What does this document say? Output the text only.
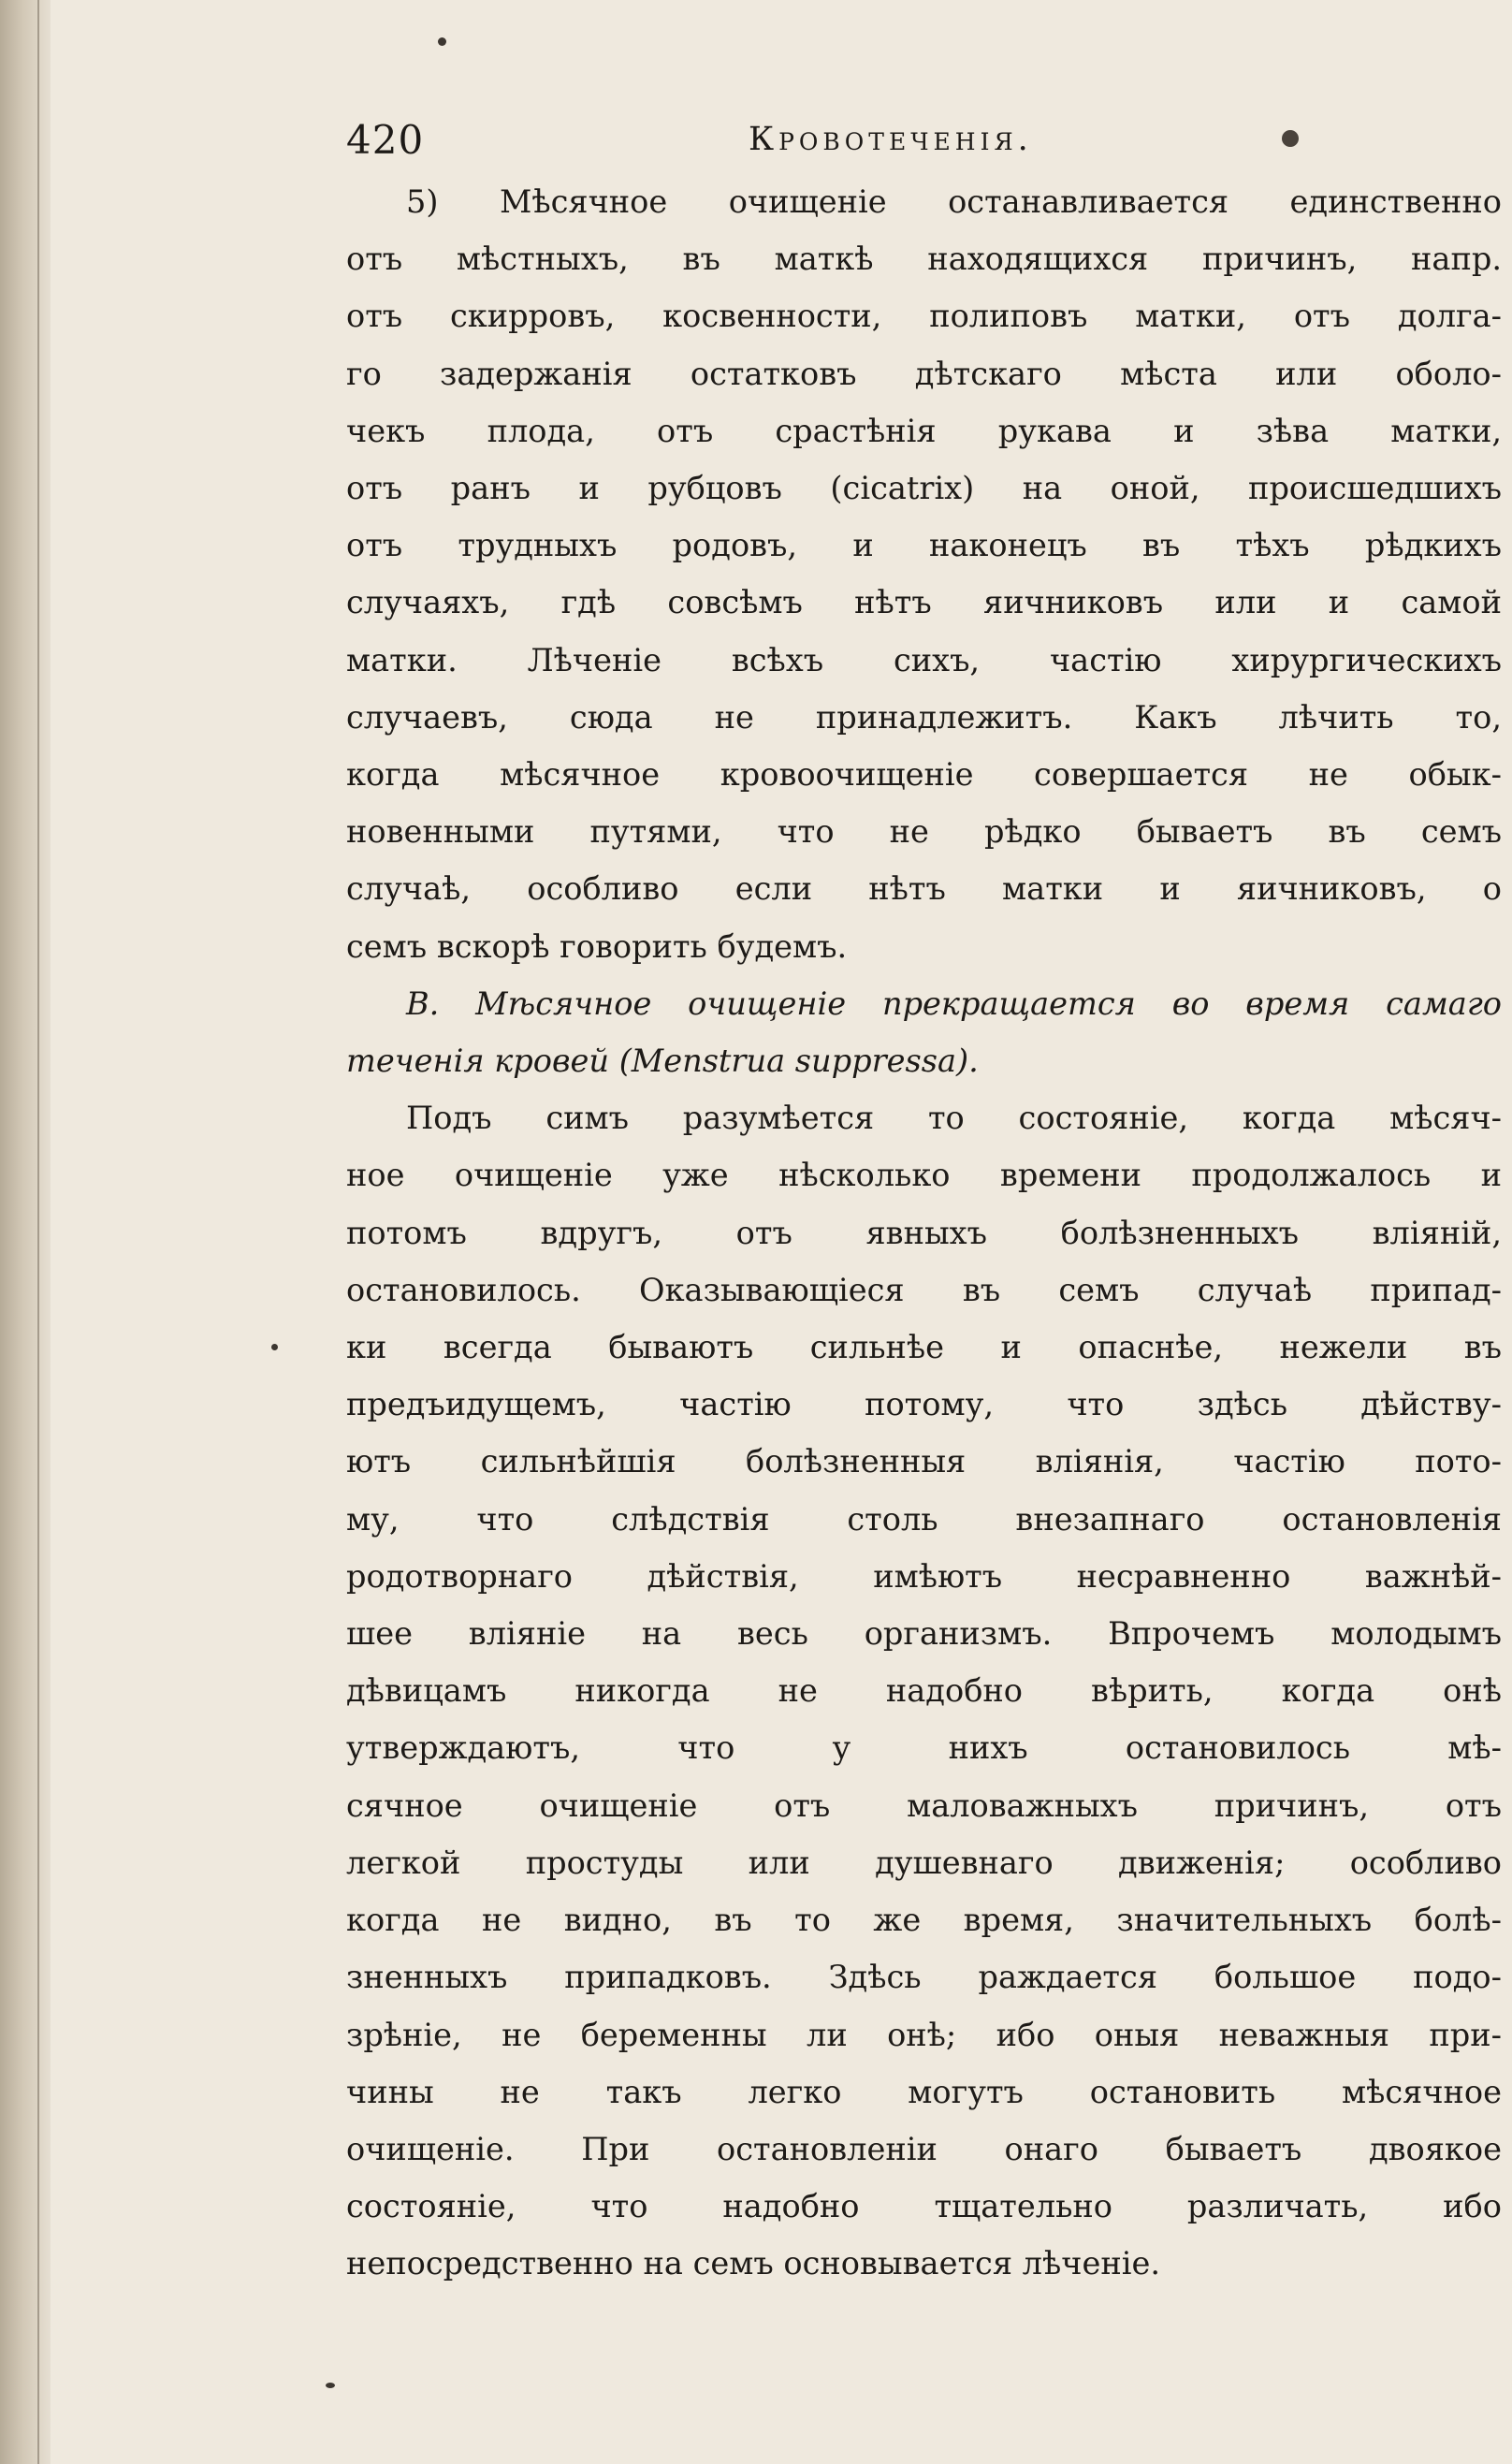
420	Кровотеченія.
5) Мѣсячное очищеніе останавливается единственно
отъ мѣстныхъ, въ маткѣ находящихся причинъ, напр.
отъ скирровъ, косвенности, полиповъ матки, отъ долга-
го задержанія остатковъ дѣтскаго мѣста или оболо-
чекъ плода, отъ срастѣнія рукава и зѣва матки,
отъ ранъ и рубцовъ (cicatrix) на оной, происшедшихъ
отъ трудныхъ родовъ, и наконецъ въ тѣхъ рѣдкихъ
случаяхъ, гдѣ совсѣмъ нѣтъ яичниковъ или и самой
матки. Лѣченіе всѣхъ сихъ, частію хирургическихъ
случаевъ, сюда не принадлежитъ. Какъ лѣчить то,
когда мѣсячное кровоочищеніе совершается не обык-
новенными путями, что не рѣдко бываетъ въ семъ
случаѣ, особливо если нѣтъ матки и яичниковъ, о
семъ вскорѣ говорить будемъ.
B. Мѣсячное очищеніе прекращается во время самаго
теченія кровей (Menstrua suppressa).
Подъ симъ разумѣется то состояніе, когда мѣсяч-
ное очищеніе уже нѣсколько времени продолжалось и
потомъ вдругъ, отъ явныхъ болѣзненныхъ вліяній,
остановилось. Оказывающіеся въ семъ случаѣ припад-
ки всегда бываютъ сильнѣе и опаснѣе, нежели въ
предъидущемъ, частію потому, что здѣсь дѣйству-
ютъ сильнѣйшія болѣзненныя вліянія, частію пото-
му, что слѣдствія столь внезапнаго остановленія
родотворнаго дѣйствія, имѣютъ несравненно важнѣй-
шее вліяніе на весь организмъ. Впрочемъ молодымъ
дѣвицамъ никогда не надобно вѣрить, когда онѣ
утверждаютъ, что у нихъ остановилось мѣ-
сячное очищеніе отъ маловажныхъ причинъ, отъ
легкой простуды или душевнаго движенія; особливо
когда не видно, въ то же время, значительныхъ болѣ-
зненныхъ припадковъ. Здѣсь раждается большое подо-
зрѣніе, не беременны ли онѣ; ибо оныя неважныя при-
чины не такъ легко могутъ остановить мѣсячное
очищеніе. При остановленіи онаго бываетъ двоякое
состояніе, что надобно тщательно различать, ибо
непосредственно на семъ основывается лѣченіе.
